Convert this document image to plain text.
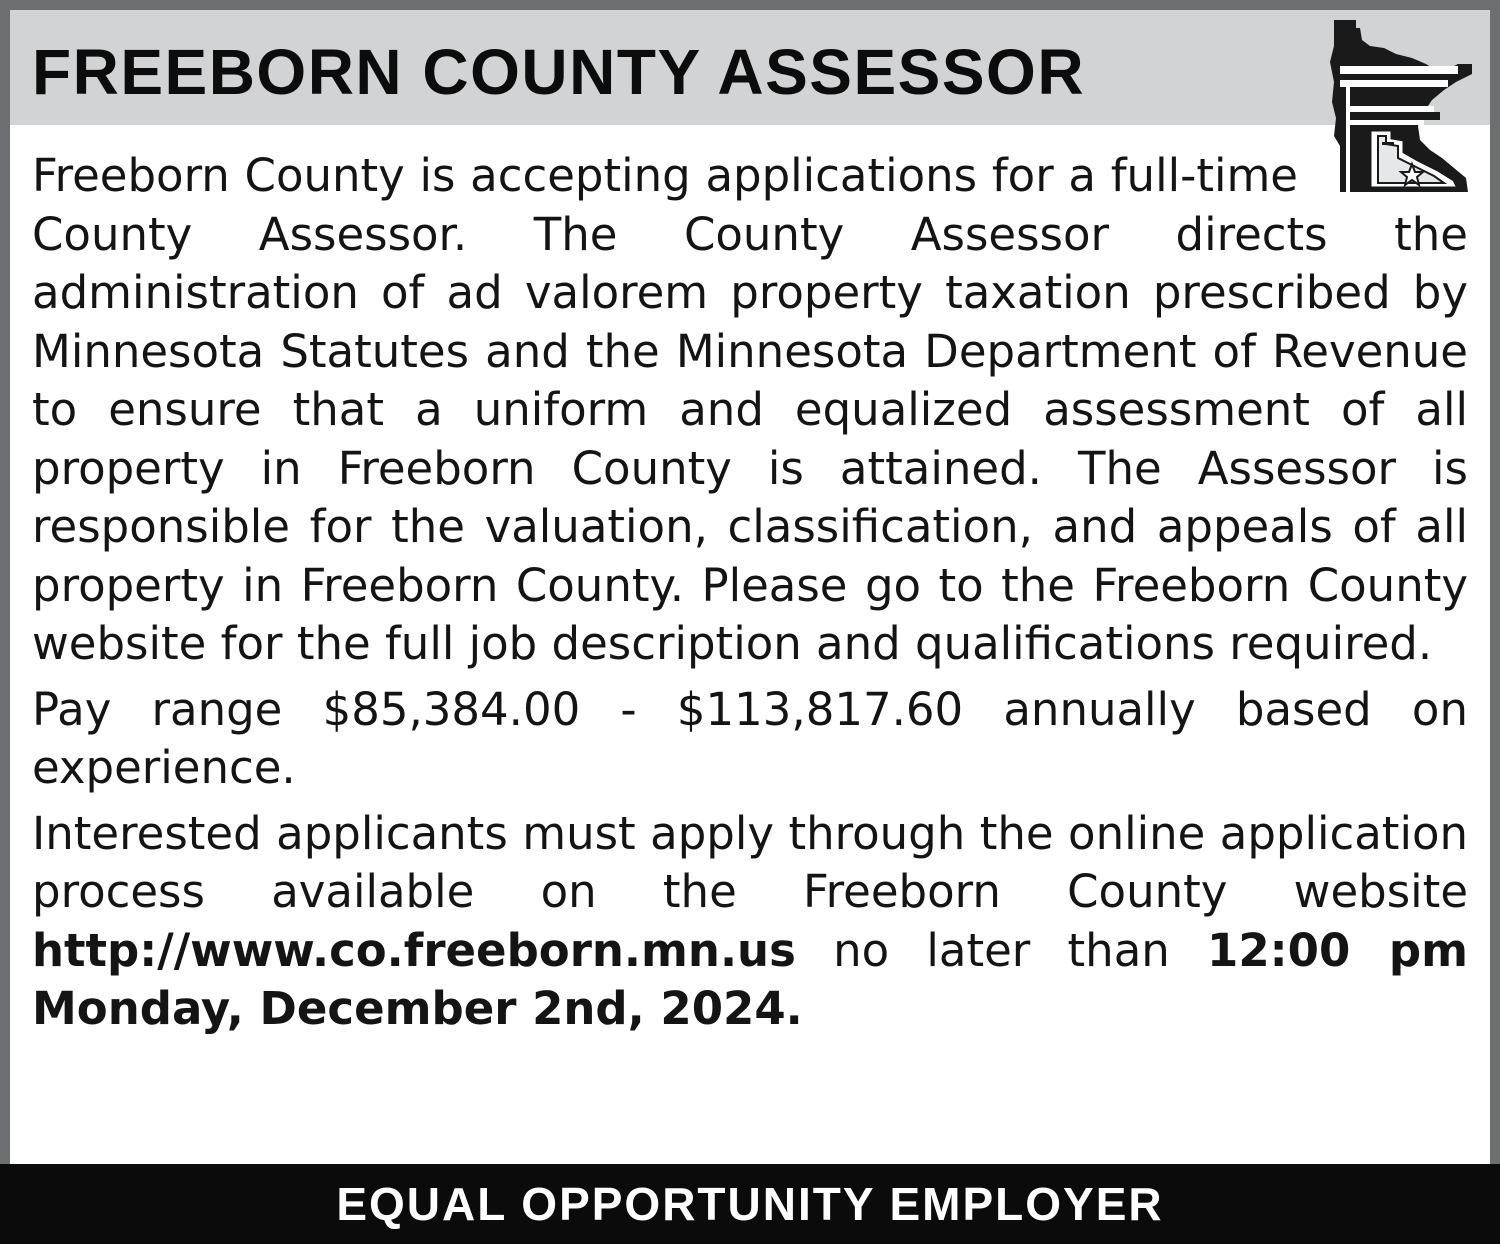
FREEBORN COUNTY ASSESSOR

Freeborn County is accepting applications for a full-time County Assessor. The County Assessor directs the administration of ad valorem property taxation prescribed by Minnesota Statutes and the Minnesota Department of Revenue to ensure that a uniform and equalized assessment of all property in Freeborn County is attained. The Assessor is responsible for the valuation, classification, and appeals of all property in Freeborn County. Please go to the Freeborn County website for the full job description and qualifications required.

Pay range $85,384.00 - $113,817.60 annually based on experience.

Interested applicants must apply through the online application process available on the Freeborn County website http://www.co.freeborn.mn.us no later than 12:00 pm Monday, December 2nd, 2024.

EQUAL OPPORTUNITY EMPLOYER
